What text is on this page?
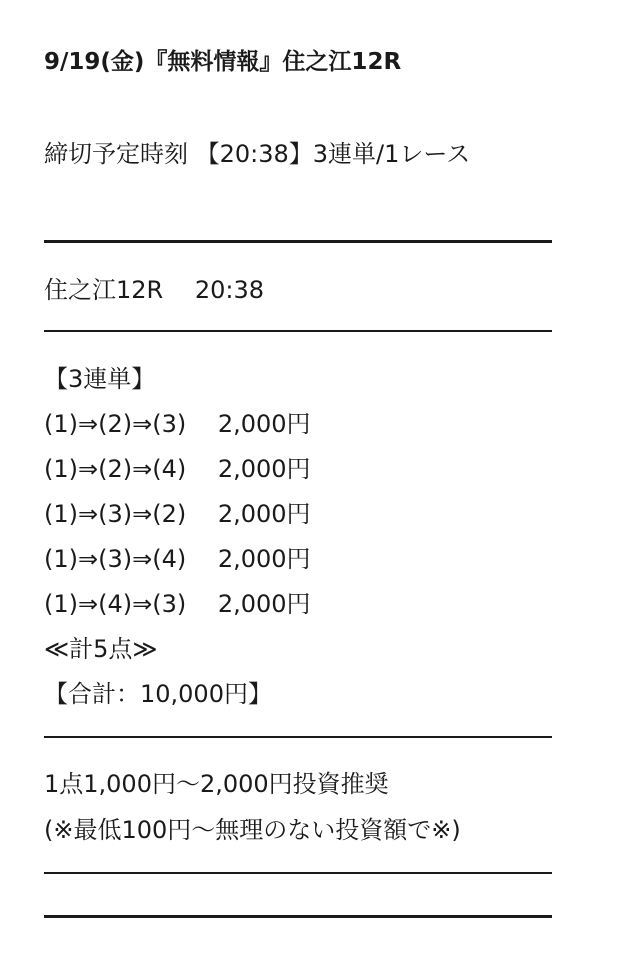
9/19(金)『無料情報』住之江12R
締切予定時刻 【20:38】3連単/1レース
住之江12R　 20:38
【3連単】
(1)⇒(2)⇒(3)　 2,000円
(1)⇒(2)⇒(4)　 2,000円
(1)⇒(3)⇒(2)　 2,000円
(1)⇒(3)⇒(4)　 2,000円
(1)⇒(4)⇒(3)　 2,000円
≪計5点≫
【合計：10,000円】
1点1,000円〜2,000円投資推奨
(※最低100円〜無理のない投資額で※)
